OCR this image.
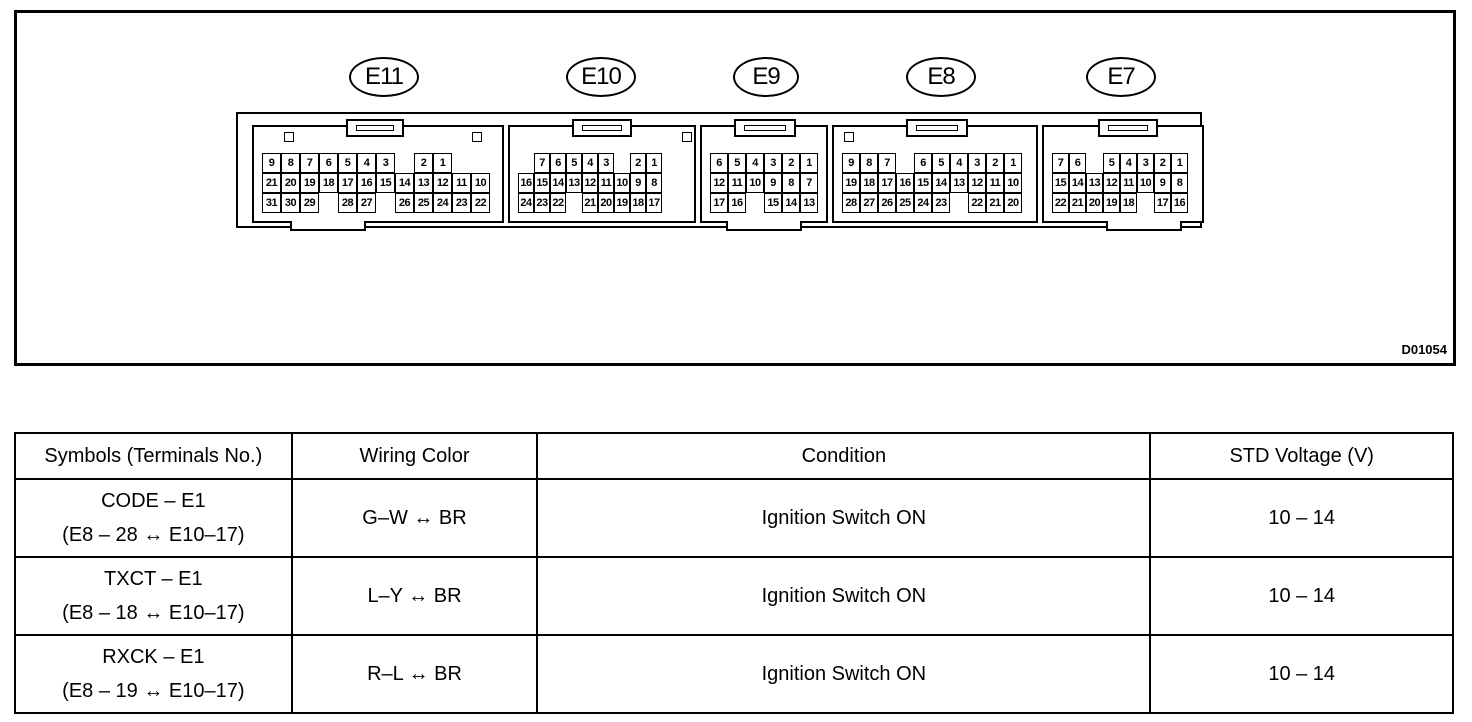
D01054
E11	E10	E9	E8	E7
9	8	7	6	5	4	3	2	1
21 20 19 18 17 16 15 14 13 12 11 10
31 30 29	28 27	26 25 24 23 22
7 6 5 4 3	2 1
16 15 14 13 12 11 10 9 8
24 23 22 21 20 19 18 17
6	5	4	3	2	1
12 11 10 9	8	7
17 16	15 14 13
9	8	7	6	5	4	3	2	1
19 18 17 16 15 14 13 12 11 10
28 27 26 25 24 23	22 21 20
7	6	5	4	3	2	1
15 14 13 12 11 10 9	8
22 21 20 19 18 17 16
Symbols (Terminals No.)	Wiring Color	Condition	STD Voltage (V)

CODE – E1
(E8 – 28 ↔ E10–17)	G–W ↔ BR	Ignition Switch ON	10 – 14

TXCT – E1
(E8 – 18 ↔ E10–17)	L–Y ↔ BR	Ignition Switch ON	10 – 14

RXCK – E1
(E8 – 19 ↔ E10–17)	R–L ↔ BR	Ignition Switch ON	10 – 14
